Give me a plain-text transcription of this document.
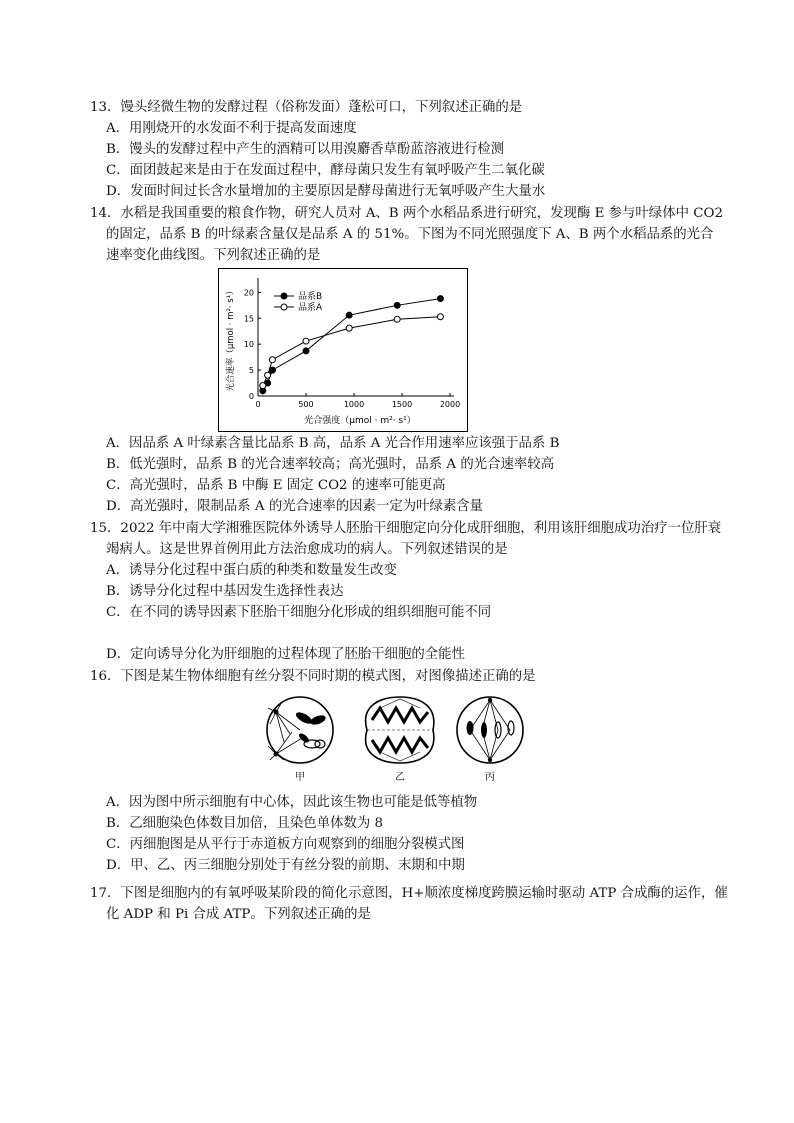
13．馒头经微生物的发酵过程（俗称发面）蓬松可口，下列叙述正确的是
A．用刚烧开的水发面不利于提高发面速度
B．馒头的发酵过程中产生的酒精可以用溴麝香草酚蓝溶液进行检测
C．面团鼓起来是由于在发面过程中，酵母菌只发生有氧呼吸产生二氧化碳
D．发面时间过长含水量增加的主要原因是酵母菌进行无氧呼吸产生大量水
14．水稻是我国重要的粮食作物，研究人员对 A、B 两个水稻品系进行研究，发现酶 E 参与叶绿体中 CO2
的固定，品系 B 的叶绿素含量仅是品系 A 的 51%。下图为不同光照强度下 A、B 两个水稻品系的光合
速率变化曲线图。下列叙述正确的是
0	500	1000	1500	2000
0
5
10
15
20
光合强度（μmol · m²· s¹）
光合速率（μmol · m²· s¹）	品系B
品系A
A．因品系 A 叶绿素含量比品系 B 高，品系 A 光合作用速率应该强于品系 B
B．低光强时，品系 B 的光合速率较高；高光强时，品系 A 的光合速率较高
C．高光强时，品系 B 中酶 E 固定 CO2 的速率可能更高
D．高光强时，限制品系 A 的光合速率的因素一定为叶绿素含量
15．2022 年中南大学湘雅医院体外诱导人胚胎干细胞定向分化成肝细胞，利用该肝细胞成功治疗一位肝衰
竭病人。这是世界首例用此方法治愈成功的病人。下列叙述错误的是
A．诱导分化过程中蛋白质的种类和数量发生改变
B．诱导分化过程中基因发生选择性表达
C．在不同的诱导因素下胚胎干细胞分化形成的组织细胞可能不同
D．定向诱导分化为肝细胞的过程体现了胚胎干细胞的全能性
16．下图是某生物体细胞有丝分裂不同时期的模式图，对图像描述正确的是
甲	乙	丙
A．因为图中所示细胞有中心体，因此该生物也可能是低等植物
B．乙细胞染色体数目加倍，且染色单体数为 8
C．丙细胞图是从平行于赤道板方向观察到的细胞分裂模式图
D．甲、乙、丙三细胞分别处于有丝分裂的前期、末期和中期
17．下图是细胞内的有氧呼吸某阶段的简化示意图，H+顺浓度梯度跨膜运输时驱动 ATP 合成酶的运作，催
化 ADP 和 Pi 合成 ATP。下列叙述正确的是
